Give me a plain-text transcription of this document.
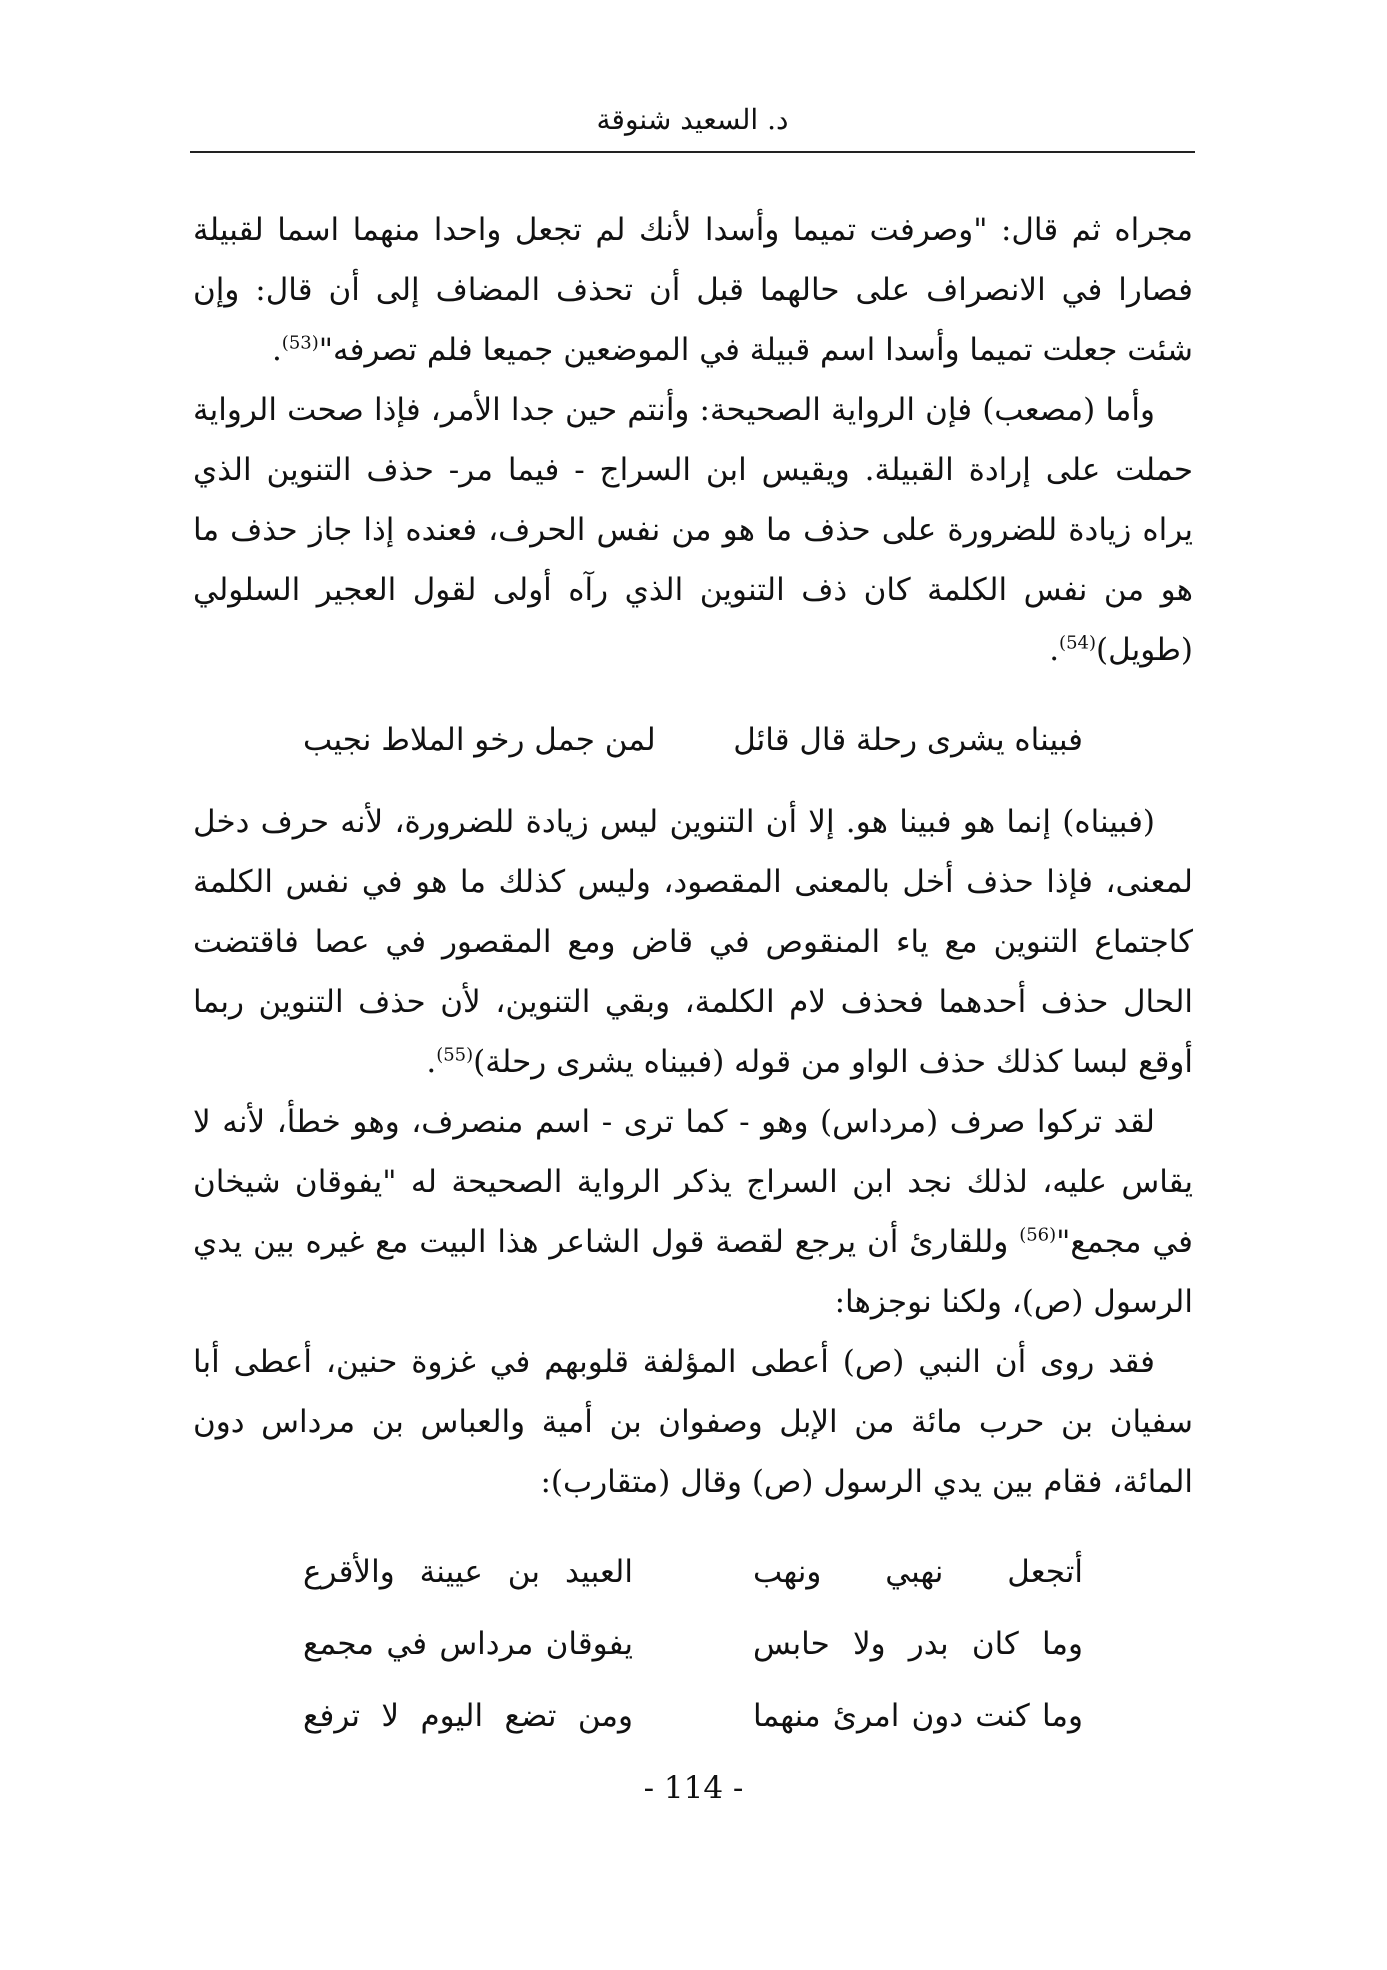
د. السعيد شنوقة

مجراه ثم قال: "وصرفت تميما وأسدا لأنك لم تجعل واحدا منهما اسما لقبيلة فصارا في الانصراف على حالهما قبل أن تحذف المضاف إلى أن قال: وإن شئت جعلت تميما وأسدا اسم قبيلة في الموضعين جميعا فلم تصرفه"$^{(53)}$.

وأما (مصعب) فإن الرواية الصحيحة: وأنتم حين جدا الأمر، فإذا صحت الرواية حملت على إرادة القبيلة. ويقيس ابن السراج - فيما مر- حذف التنوين الذي يراه زيادة للضرورة على حذف ما هو من نفس الحرف، فعنده إذا جاز حذف ما هو من نفس الكلمة كان ذف التنوين الذي رآه أولى لقول العجير السلولي (طويل)$^{(54)}$.

فبيناه يشرى رحلة قال قائل
لمن جمل رخو الملاط نجيب

(فبيناه) إنما هو فبينا هو. إلا أن التنوين ليس زيادة للضرورة، لأنه حرف دخل لمعنى، فإذا حذف أخل بالمعنى المقصود، وليس كذلك ما هو في نفس الكلمة كاجتماع التنوين مع ياء المنقوص في قاض ومع المقصور في عصا فاقتضت الحال حذف أحدهما فحذف لام الكلمة، وبقي التنوين، لأن حذف التنوين ربما أوقع لبسا كذلك حذف الواو من قوله (فبيناه يشرى رحلة)$^{(55)}$.

لقد تركوا صرف (مرداس) وهو - كما ترى - اسم منصرف، وهو خطأ، لأنه لا يقاس عليه، لذلك نجد ابن السراج يذكر الرواية الصحيحة له "يفوقان شيخان في مجمع"$^{(56)}$ وللقارئ أن يرجع لقصة قول الشاعر هذا البيت مع غيره بين يدي الرسول (ص)، ولكنا نوجزها:

فقد روى أن النبي (ص) أعطى المؤلفة قلوبهم في غزوة حنين، أعطى أبا سفيان بن حرب مائة من الإبل وصفوان بن أمية والعباس بن مرداس دون المائة، فقام بين يدي الرسول (ص) وقال (متقارب):

أتجعل نهبي ونهب
العبيد بن عيينة والأقرع
وما كان بدر ولا حابس
يفوقان مرداس في مجمع
وما كنت دون امرئ منهما
ومن تضع اليوم لا ترفع
- 114 -
